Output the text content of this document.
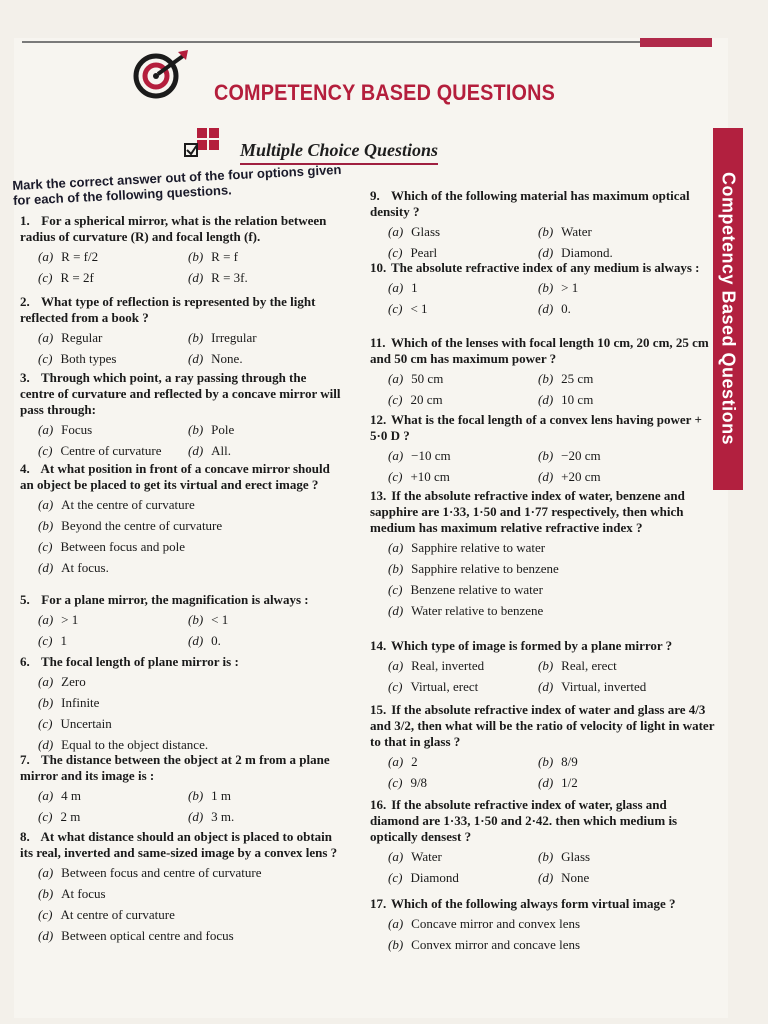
COMPETENCY BASED QUESTIONS
Multiple Choice Questions
Competency Based Questions
Mark the correct answer out of the four options given for each of the following questions.
1. For a spherical mirror, what is the relation between radius of curvature (R) and focal length (f).
(a) R = f/2	(b) R = f
(c) R = 2f	(d) R = 3f.
2. What type of reflection is represented by the light reflected from a book ?
(a) Regular	(b) Irregular
(c) Both types	(d) None.
3. Through which point, a ray passing through the centre of curvature and reflected by a concave mirror will pass through:
(a) Focus	(b) Pole
(c) Centre of curvature	(d) All.
4. At what position in front of a concave mirror should an object be placed to get its virtual and erect image ?
(a) At the centre of curvature
(b) Beyond the centre of curvature
(c) Between focus and pole
(d) At focus.
5. For a plane mirror, the magnification is always :
(a) > 1	(b) < 1
(c) 1	(d) 0.
6. The focal length of plane mirror is :
(a) Zero
(b) Infinite
(c) Uncertain
(d) Equal to the object distance.
7. The distance between the object at 2 m from a plane mirror and its image is :
(a) 4 m	(b) 1 m
(c) 2 m	(d) 3 m.
8. At what distance should an object is placed to obtain its real, inverted and same-sized image by a convex lens ?
(a) Between focus and centre of curvature
(b) At focus
(c) At centre of curvature
(d) Between optical centre and focus
9. Which of the following material has maximum optical density ?
(a) Glass	(b) Water
(c) Pearl	(d) Diamond.
10. The absolute refractive index of any medium is always :
(a) 1	(b) > 1
(c) < 1	(d) 0.
11. Which of the lenses with focal length 10 cm, 20 cm, 25 cm and 50 cm has maximum power ?
(a) 50 cm	(b) 25 cm
(c) 20 cm	(d) 10 cm
12. What is the focal length of a convex lens having power + 5·0 D ?
(a) −10 cm	(b) −20 cm
(c) +10 cm	(d) +20 cm
13. If the absolute refractive index of water, benzene and sapphire are 1·33, 1·50 and 1·77 respectively, then which medium has maximum relative refractive index ?
(a) Sapphire relative to water
(b) Sapphire relative to benzene
(c) Benzene relative to water
(d) Water relative to benzene
14. Which type of image is formed by a plane mirror ?
(a) Real, inverted	(b) Real, erect
(c) Virtual, erect	(d) Virtual, inverted
15. If the absolute refractive index of water and glass are 4/3 and 3/2, then what will be the ratio of velocity of light in water to that in glass ?
(a) 2	(b) 8/9
(c) 9/8	(d) 1/2
16. If the absolute refractive index of water, glass and diamond are 1·33, 1·50 and 2·42. then which medium is optically densest ?
(a) Water	(b) Glass
(c) Diamond	(d) None
17. Which of the following always form virtual image ?
(a) Concave mirror and convex lens
(b) Convex mirror and concave lens
